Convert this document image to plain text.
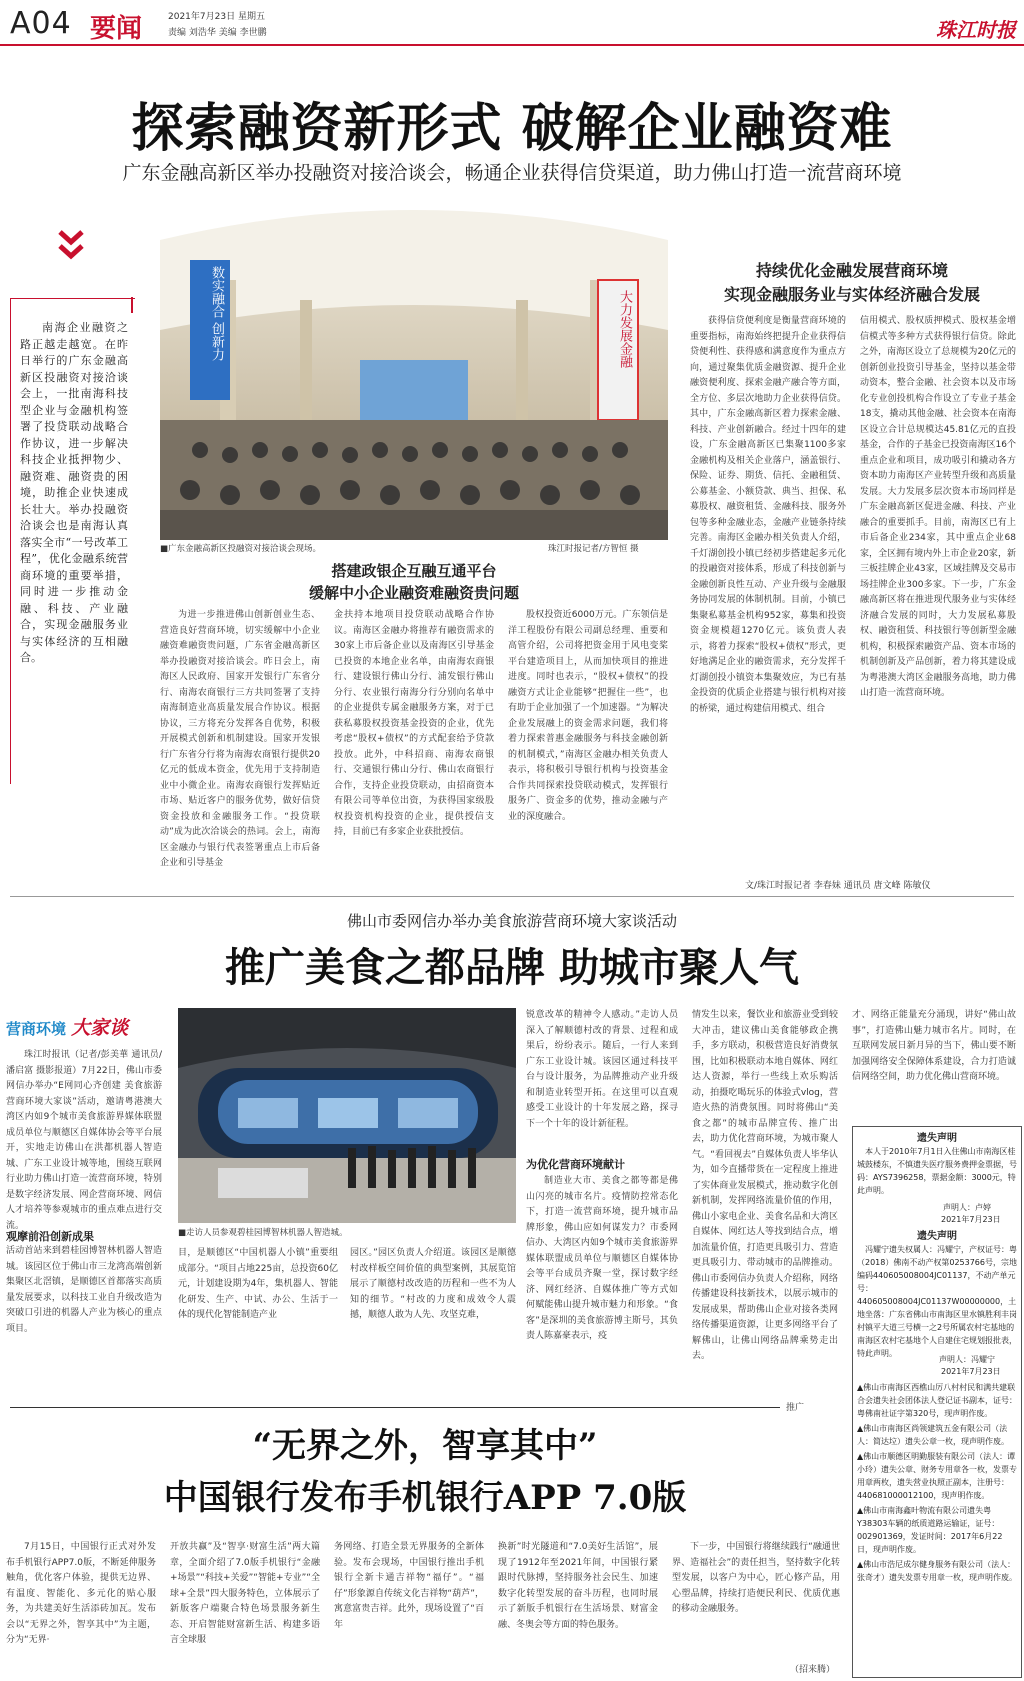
A04 要闻	2021年7月23日 星期五
责编 刘浩华 美编 李世鹏	珠江时报
探索融资新形式 破解企业融资难
广东金融高新区举办投融资对接洽谈会，畅通企业获得信贷渠道，助力佛山打造一流营商环境
南海企业融资之路正越走越宽。在昨日举行的广东金融高新区投融资对接洽谈会上，一批南海科技型企业与金融机构签署了投贷联动战略合作协议，进一步解决科技企业抵押物少、融资难、融资贵的困境，助推企业快速成长壮大。举办投融资洽谈会也是南海认真落实全市“一号改革工程”，优化金融系统营商环境的重要举措，同时进一步推动金融、科技、产业融合，实现金融服务业与实体经济的互相融合。
数实融合 创新力	大力发展金融
■广东金融高新区投融资对接洽谈会现场。	珠江时报记者/方智恒 摄
持续优化金融发展营商环境
实现金融服务业与实体经济融合发展
搭建政银企互融互通平台
缓解中小企业融资难融资贵问题
为进一步推进佛山创新创业生态、营造良好营商环境，切实缓解中小企业融资难融资贵问题，广东省金融高新区举办投融资对接洽谈会。昨日会上，南海区人民政府、国家开发银行广东省分行、南海农商银行三方共同签署了支持南海制造业高质量发展合作协议。根据协议，三方将充分发挥各自优势，积极开展模式创新和机制建设。国家开发银行广东省分行将为南海农商银行提供20亿元的低成本资金，优先用于支持制造业中小微企业。南海农商银行发挥贴近市场、贴近客户的服务优势，做好信贷资金投放和金融服务工作。“投贷联动”成为此次洽谈会的热词。会上，南海区金融办与银行代表签署重点上市后备企业和引导基金
金扶持本地项目投贷联动战略合作协议。南海区金融办将推荐有融资需求的30家上市后备企业以及南海区引导基金已投资的本地企业名单，由南海农商银行、建设银行佛山分行、浦发银行佛山分行、农业银行南海分行分别向名单中的企业提供专属金融服务方案，对于已获私募股权投资基金投资的企业，优先考虑“股权+债权”的方式配套给予贷款投放。此外，中科招商、南海农商银行、交通银行佛山分行、佛山农商银行合作，支持企业投贷联动，由招商资本有限公司等单位出资，为获得国家级股权投资机构投资的企业，提供授信支持，目前已有多家企业获批授信。
股权投资近6000万元。广东领信是洋工程股份有限公司副总经理、重要和高管介绍，公司将把资金用于风电变桨平台建造项目上，从而加快项目的推进进度。同时也表示，“股权+债权”的投融资方式让企业能够“把握住一些”，也有助于企业加强了一个加速器。“为解决企业发展融上的资金需求问题，我们将着力探索普惠金融服务与科技金融创新的机制模式，”南海区金融办相关负责人表示，将积极引导银行机构与投资基金合作共同探索投贷联动模式，发挥银行服务广、资金多的优势，推动金融与产业的深度融合。
获得信贷便利度是衡量营商环境的重要指标，南海始终把提升企业获得信贷便利性、获得感和满意度作为重点方向，通过聚集优质金融资源、提升企业融资便利度、探索金融产融合等方面，全方位、多层次地助力企业获得信贷。其中，广东金融高新区着力探索金融、科技、产业创新融合。经过十四年的建设，广东金融高新区已集聚1100多家金融机构及相关企业落户，涵盖银行、保险、证券、期货、信托、金融租赁、公募基金、小额贷款、典当、担保、私募股权、融资租赁、金融科技、服务外包等多种金融业态，金融产业链条持续完善。南海区金融办相关负责人介绍，千灯湖创投小镇已经初步搭建起多元化的投融资对接体系，形成了科技创新与金融创新良性互动、产业升级与金融服务协同发展的体制机制。目前，小镇已集聚私募基金机构952家，募集和投资资金规模超1270亿元。该负责人表示，将着力探索“股权+债权”形式，更好地满足企业的融资需求，充分发挥千灯湖创投小镇资本集聚效应，为已有基金投资的优质企业搭建与银行机构对接的桥梁，通过构建信用模式、组合
信用模式、股权质押模式、股权基金增信模式等多种方式获得银行信贷。除此之外，南海区设立了总规模为20亿元的创新创业投资引导基金，坚持以基金带动资本，整合金融、社会资本以及市场化专业创投机构合作设立了专业子基金18支，撬动其他金融、社会资本在南海区设立合计总规模达45.81亿元的直投基金，合作的子基金已投资南海区16个重点企业和项目，成功吸引和撬动各方资本助力南海区产业转型升级和高质量发展。大力发展多层次资本市场同样是广东金融高新区促进金融、科技、产业融合的重要抓手。目前，南海区已有上市后备企业234家，其中重点企业68家，全区拥有境内外上市企业20家，新三板挂牌企业43家，区域挂牌及交易市场挂牌企业300多家。下一步，广东金融高新区将在推进现代服务业与实体经济融合发展的同时，大力发展私募股权、融资租赁、科技银行等创新型金融机构，积极探索融资产品、资本市场的机制创新及产品创新，着力将其建设成为粤港澳大湾区金融服务高地，助力佛山打造一流营商环境。
文/珠江时报记者 李春妹 通讯员 唐文峰 陈敏仪
佛山市委网信办举办美食旅游营商环境大家谈活动
推广美食之都品牌 助城市聚人气
营商环境 大家谈
珠江时报讯（记者/彭美華 通讯员/潘启富 摄影报道）7月22日，佛山市委网信办举办“E网同心齐创建 美食旅游营商环境大家谈”活动，邀请粤港澳大湾区内如9个城市美食旅游界媒体联盟成员单位与顺德区自媒体协会等平台展开，实地走访佛山在洪都机器人智造城、广东工业设计城等地，围绕互联网行业助力佛山打造一流营商环境，特别是数字经济发展、网企营商环境、网信人才培养等参观城市的重点难点进行交流。
观摩前沿创新成果	■走访人员参观碧桂园博智林机器人智造城。
活动首站来到碧桂园博智林机器人智造城。该园区位于佛山市三龙湾高端创新集聚区北滘镇，是顺德区首都落实高质量发展要求，以科技工业自升级改造为突破口引进的机器人产业为核心的重点项目。
目，是顺德区“中国机器人小镇”重要组成部分。“项目占地225亩，总投资60亿元，计划建设期为4年，集机器人、智能化研发、生产、中试、办公、生活于一体的现代化智能制造产业
园区。”园区负责人介绍道。该园区是顺德村改样板空间价值的典型案例，其展览馆展示了顺德村改改造的历程和一些不为人知的细节。“村改的力度和成效令人震撼，顺德人敢为人先、攻坚克难，
锐意改革的精神令人感动。”走访人员深入了解顺德村改的背景、过程和成果后，纷纷表示。随后，一行人来到广东工业设计城。该园区通过科技平台与设计服务，为品牌推动产业升级和制造业转型开拓。在这里可以直观感受工业设计的十年发展之路，探寻下一个十年的设计新征程。
为优化营商环境献计
制造业大市、美食之都等都是佛山闪亮的城市名片。疫情防控常态化下，打造一流营商环境，提升城市品牌形象，佛山应如何谋发力？市委网信办、大湾区内如9个城市美食旅游界媒体联盟成员单位与顺德区自媒体协会等平台成员齐聚一堂，探讨数字经济、网红经济、自媒体推广等方式如何赋能佛山提升城市魅力和形象。“食客”是深圳的美食旅游博主斯号，其负责人陈嘉豪表示，疫
情发生以来，餐饮业和旅游业受到较大冲击，建议佛山美食能够政企携手，多方联动，积极营造良好消费氛围，比如积极联动本地自媒体、网红达人资源，举行一些线上欢乐购活动，拍摄吃喝玩乐的体验式vlog，营造火热的消费氛围。同时将佛山“美食之都”的城市品牌宣传、推广出去，助力优化营商环境，为城市聚人气。“看回视去”自媒体负责人毕华认为，如今直播带货在一定程度上推进了实体商业发展模式，推动数字化创新机制，发挥网络流量价值的作用，佛山小家电企业、美食名品和大湾区自媒体、网红达人等找到结合点，增加流量价值，打造更具吸引力、营造更具吸引力、带动城市的品牌推动。佛山市委网信办负责人介绍称，网络传播建设科技新技术，以展示城市的发展成果，帮助佛山企业对接各类网络传播渠道资源，让更多网络平台了解佛山，让佛山网络品牌乘势走出去。
才、网络正能量充分涌现，讲好“佛山故事”，打造佛山魅力城市名片。同时，在互联网发展日新月异的当下，佛山要不断加强网络安全保障体系建设，合力打造诚信网络空间，助力优化佛山营商环境。
遗失声明
本人于2010年7月1日入住佛山市南海区桂城鼓楼东，不慎遗失医疗服务费押金票据，号码：AYS7396258，票据金额：3000元，特此声明。
声明人：卢婷
2021年7月23日
遗失声明
冯耀宁遗失权属人：冯耀宁，产权证号：粤（2018）佛南不动产权第0253766号，宗地编码440605008004JC01137，不动产单元号：440605008004JC01137W00000000，土地坐落：广东省佛山市南海区里水镇胜利丰岗村镇平大道三号横一之2号所属农村宅基地的南海区农村宅基地个人自建住宅规划报批表，特此声明。
声明人：冯耀宁
2021年7月23日
▲佛山市南海区西樵山厉八村村民和满共建联合会遗失社会团体法人登记证书副本，证号：粤佛南社证字第320号，现声明作废。
▲佛山市南海区尚领建筑五金有限公司（法人：简达垃）遗失公章一枚，现声明作废。
▲佛山市顺德区明勤服装有限公司（法人：谭小玲）遗失公章、财务专用章各一枚，发票专用章两枚，遗失营业执照正副本，注册号：440681000012100，现声明作废。
▲佛山市南海鑫叶物流有限公司遗失粤Y38303车辆的纸质道路运输证，证号：002901369，发证时间：2017年6月22日，现声明作废。
▲佛山市浩尼成尔健身服务有限公司（法人：张奇才）遗失发票专用章一枚，现声明作废。
推广
“无界之外，智享其中”
中国银行发布手机银行APP 7.0版
7月15日，中国银行正式对外发布手机银行APP7.0版，不断延伸服务触角，优化客户体验，提供无边界、有温度、智能化、多元化的贴心服务，为共建美好生活添砖加瓦。发布会以“无界之外，智享其中”为主题，分为“无界·
开放共赢”及“智享·财富生活”两大篇章，全面介绍了7.0版手机银行“金融+场景”“科技+关爱”“智能+专业”“全球+全景”四大服务特色，立体展示了新版客户端聚合特色场景服务新生态、开启智能财富新生活、构建多语言全球服
务网络、打造全景无界服务的全新体验。发布会现场，中国银行推出手机银行全新卡通吉祥物“福仔”。“福仔”形象源自传统文化吉祥物“葫芦”，寓意富贵吉祥。此外，现场设置了“百年
换新”时光隧道和“7.0美好生活馆”，展现了1912年至2021年间，中国银行紧跟时代脉搏，坚持服务社会民生、加速数字化转型发展的奋斗历程，也同时展示了新版手机银行在生活场景、财富金融、冬奥会等方面的特色服务。
下一步，中国银行将继续践行“融通世界、造福社会”的责任担当，坚持数字化转型发展，以客户为中心，匠心修产品，用心塑品牌，持续打造便民利民、优质优惠的移动金融服务。
（招来腾）
